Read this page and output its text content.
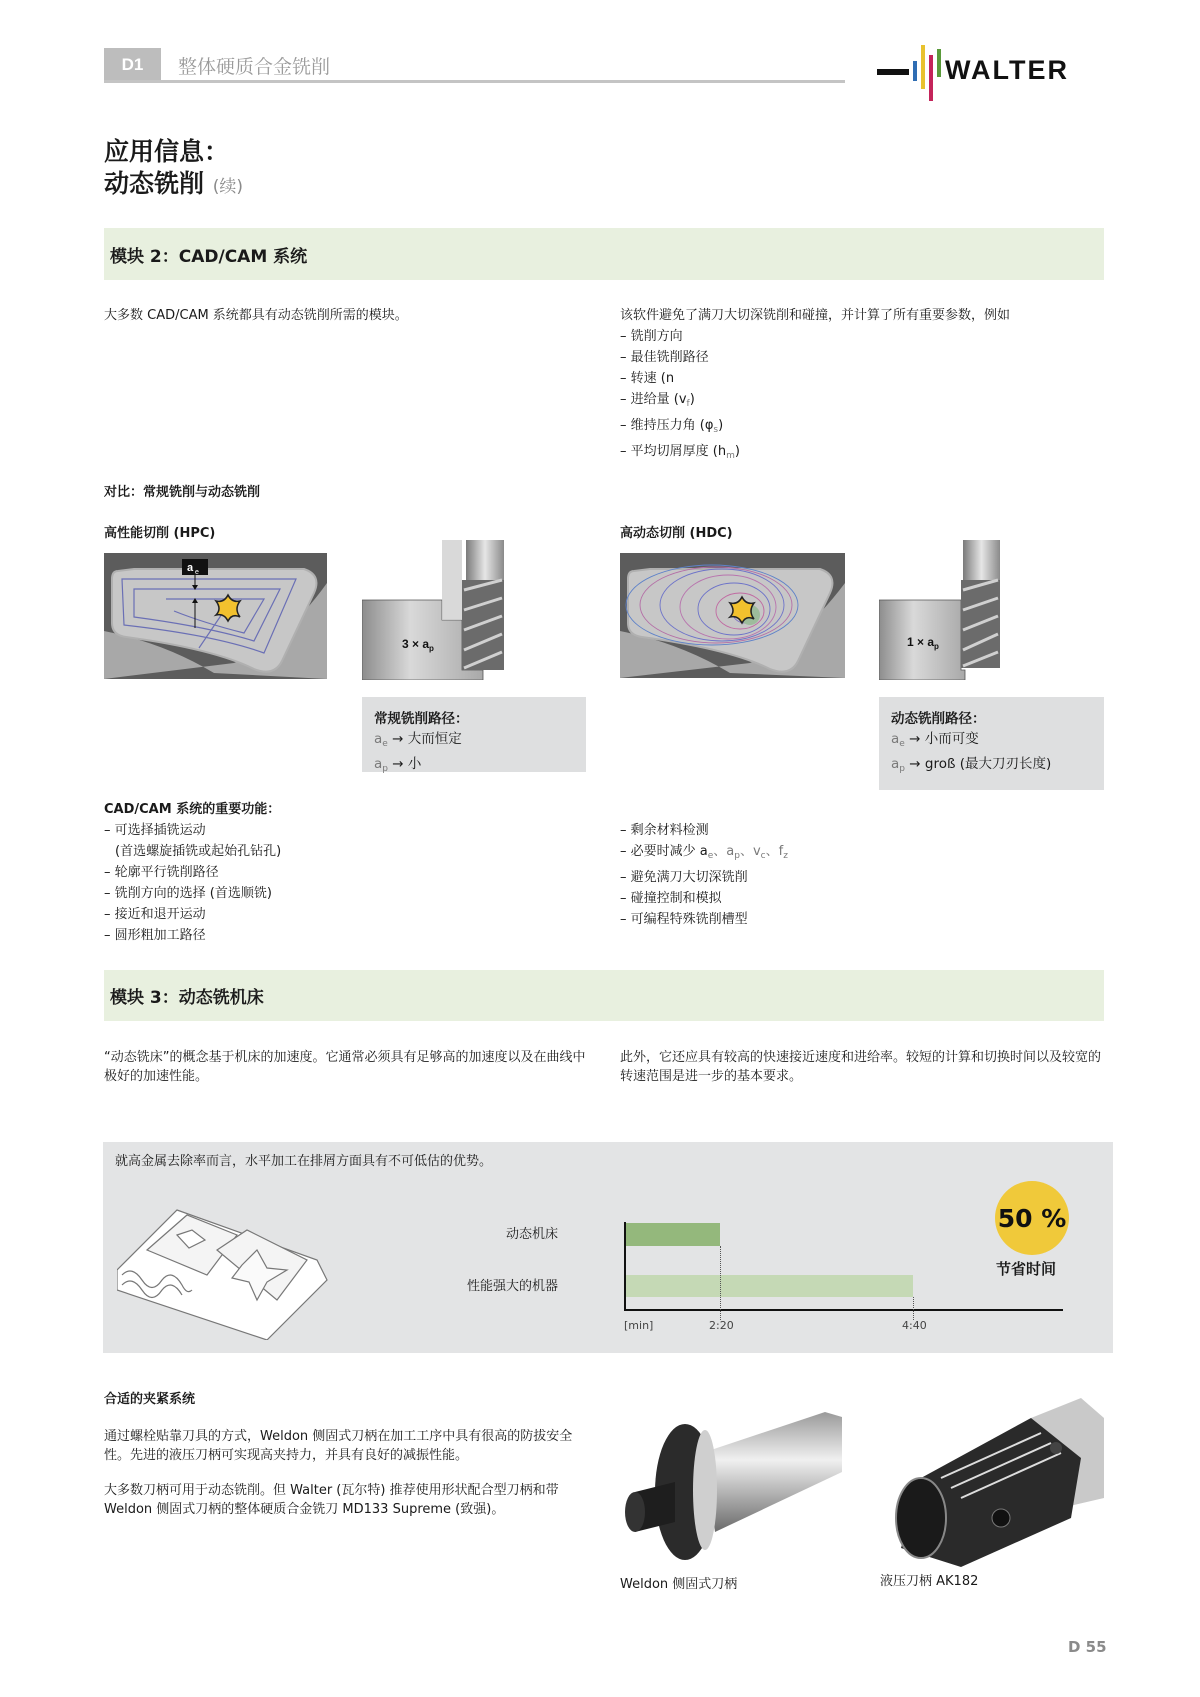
D1	整体硬质合金铣削	WALTER
应用信息：
动态铣削 (续)
模块 2：CAD/CAM 系统
大多数 CAD/CAM 系统都具有动态铣削所需的模块。	该软件避免了满刀大切深铣削和碰撞，并计算了所有重要参数，例如
– 铣削方向
– 最佳铣削路径
– 转速 (n
– 进给量 $(v_f)$
– 维持压力角 $(\varphi_s)$
– 平均切屑厚度 $(h_m)$
对比：常规铣削与动态铣削
高性能切削 (HPC)
a e
$3 \times a_p$
常规铣削路径：
$a_e$ → 大而恒定
$a_p$ → 小
高动态切削 (HDC)
$1 \times a_p$
动态铣削路径：
$a_e$ → 小而可变
$a_p$ → groß (最大刀刃长度)
CAD/CAM 系统的重要功能：
– 可选择插铣运动
(首选螺旋插铣或起始孔钻孔)
– 轮廓平行铣削路径
– 铣削方向的选择 (首选顺铣)
– 接近和退开运动
– 圆形粗加工路径
– 剩余材料检测
– 必要时减少 $a_e$、$a_p$、$v_c$、$f_z$
– 避免满刀大切深铣削
– 碰撞控制和模拟
– 可编程特殊铣削槽型
模块 3：动态铣机床
“动态铣床”的概念基于机床的加速度。它通常必须具有足够高的加速度以及在曲线中极好的加速性能。
此外，它还应具有较高的快速接近速度和进给率。较短的计算和切换时间以及较宽的转速范围是进一步的基本要求。
就高金属去除率而言，水平加工在排屑方面具有不可低估的优势。
动态机床
性能强大的机器
[min]	2:20	4:40
50 %
节省时间
合适的夹紧系统
通过螺栓贴靠刀具的方式，Weldon 侧固式刀柄在加工工序中具有很高的防拔安全性。先进的液压刀柄可实现高夹持力，并具有良好的减振性能。
大多数刀柄可用于动态铣削。但 Walter (瓦尔特) 推荐使用形状配合型刀柄和带 Weldon 侧固式刀柄的整体硬质合金铣刀 MD133 Supreme (致强)。
Weldon 侧固式刀柄	液压刀柄 AK182
D 55
